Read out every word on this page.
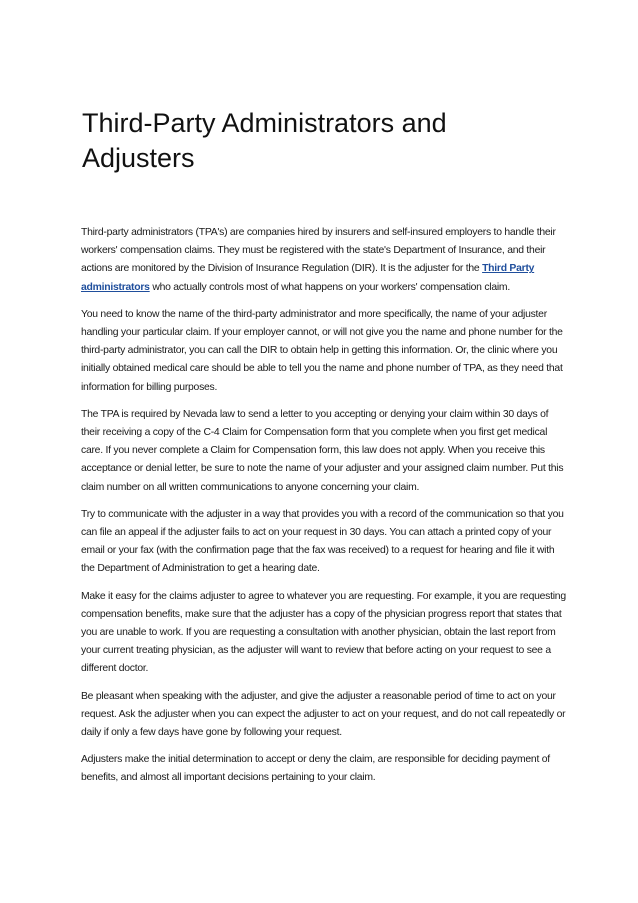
Third-Party Administrators and Adjusters

Third-party administrators (TPA's) are companies hired by insurers and self-insured employers to handle their workers' compensation claims. They must be registered with the state's Department of Insurance, and their actions are monitored by the Division of Insurance Regulation (DIR). It is the adjuster for the Third Party administrators who actually controls most of what happens on your workers' compensation claim.

You need to know the name of the third-party administrator and more specifically, the name of your adjuster handling your particular claim. If your employer cannot, or will not give you the name and phone number for the third-party administrator, you can call the DIR to obtain help in getting this information. Or, the clinic where you initially obtained medical care should be able to tell you the name and phone number of TPA, as they need that information for billing purposes.

The TPA is required by Nevada law to send a letter to you accepting or denying your claim within 30 days of their receiving a copy of the C-4 Claim for Compensation form that you complete when you first get medical care. If you never complete a Claim for Compensation form, this law does not apply. When you receive this acceptance or denial letter, be sure to note the name of your adjuster and your assigned claim number. Put this claim number on all written communications to anyone concerning your claim.

Try to communicate with the adjuster in a way that provides you with a record of the communication so that you can file an appeal if the adjuster fails to act on your request in 30 days. You can attach a printed copy of your email or your fax (with the confirmation page that the fax was received) to a request for hearing and file it with the Department of Administration to get a hearing date.

Make it easy for the claims adjuster to agree to whatever you are requesting. For example, it you are requesting compensation benefits, make sure that the adjuster has a copy of the physician progress report that states that you are unable to work. If you are requesting a consultation with another physician, obtain the last report from your current treating physician, as the adjuster will want to review that before acting on your request to see a different doctor.

Be pleasant when speaking with the adjuster, and give the adjuster a reasonable period of time to act on your request. Ask the adjuster when you can expect the adjuster to act on your request, and do not call repeatedly or daily if only a few days have gone by following your request.

Adjusters make the initial determination to accept or deny the claim, are responsible for deciding payment of benefits, and almost all important decisions pertaining to your claim.
